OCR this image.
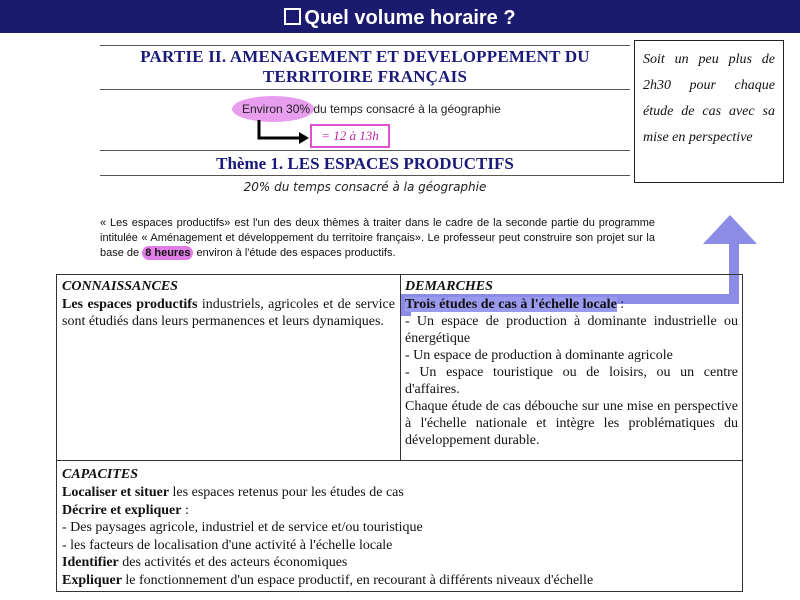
Quel volume horaire ?
PARTIE II. AMENAGEMENT ET DEVELOPPEMENT DU
TERRITOIRE FRANÇAIS
Environ 30% du temps consacré à la géographie
= 12 à 13h
Thème 1. LES ESPACES PRODUCTIFS
20% du temps consacré à la géographie
« Les espaces productifs» est l'un des deux thèmes à traiter dans le cadre de la seconde partie du programme intitulée « Aménagement et développement du territoire français». Le professeur peut construire son projet sur la base de 8 heures environ à l'étude des espaces productifs.
Soit un peu plus de 2h30 pour chaque étude de cas avec sa mise en perspective
CONNAISSANCES
Les espaces productifs industriels, agricoles et de service sont étudiés dans leurs permanences et leurs dynamiques.
DEMARCHES
Trois études de cas à l'échelle locale :
- Un espace de production à dominante industrielle ou énergétique
- Un espace de production à dominante agricole
- Un espace touristique ou de loisirs, ou un centre d'affaires.
Chaque étude de cas débouche sur une mise en perspective à l'échelle nationale et intègre les problématiques du développement durable.
CAPACITES
Localiser et situer les espaces retenus pour les études de cas
Décrire et expliquer :
- Des paysages agricole, industriel et de service et/ou touristique
- les facteurs de localisation d'une activité à l'échelle locale
Identifier des activités et des acteurs économiques
Expliquer le fonctionnement d'un espace productif, en recourant à différents niveaux d'échelle
